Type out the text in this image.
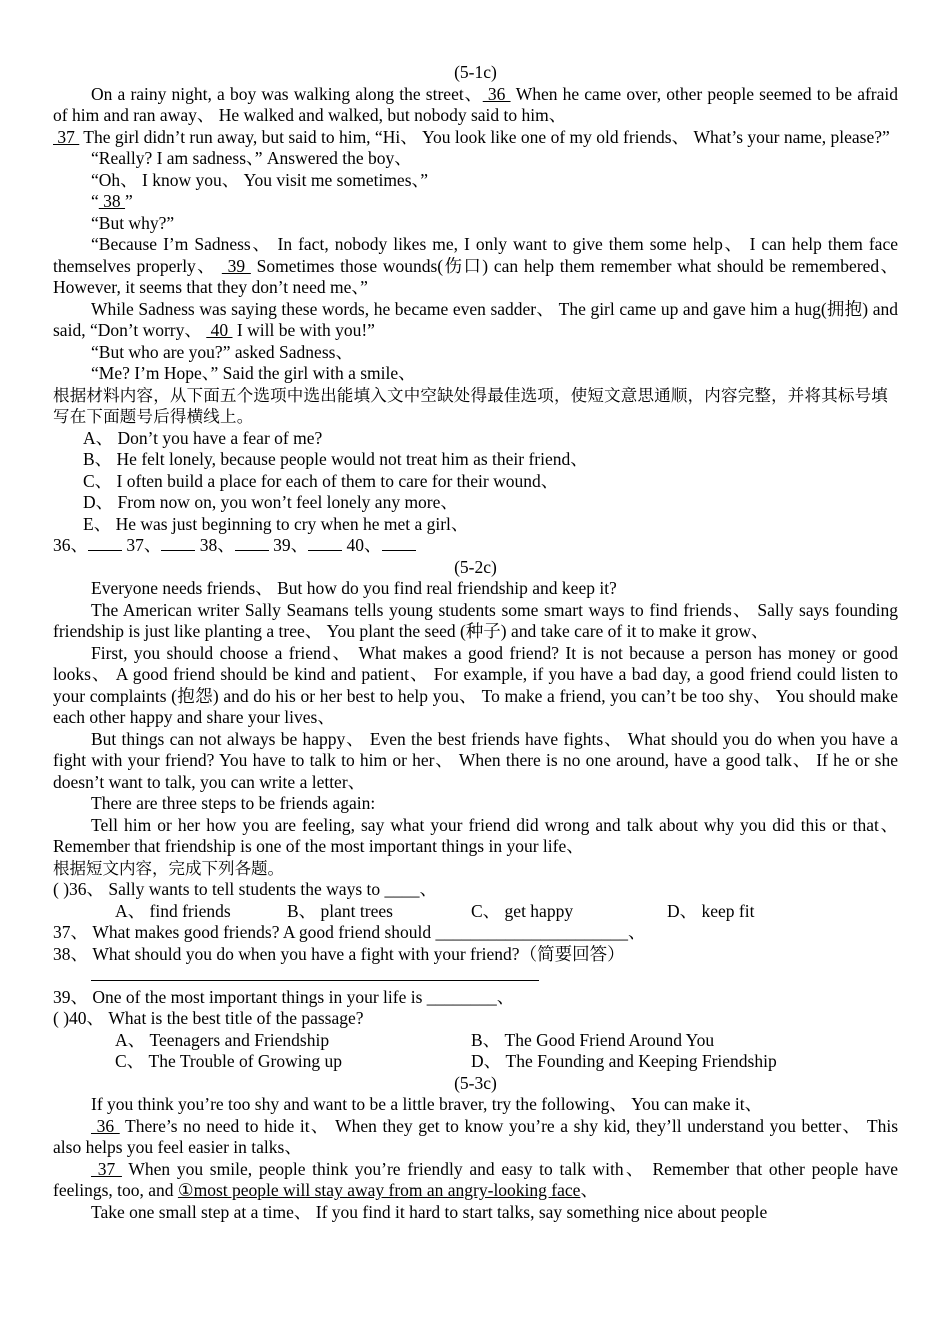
(5-1c)

On a rainy night, a boy was walking along the street、 36  When he came over, other people seemed to be afraid of him and ran away、 He walked and walked, but nobody said to him、

37  The girl didn’t run away, but said to him, “Hi、 You look like one of my old friends、 What’s your name, please?”

“Really? I am sadness、” Answered the boy、

“Oh、 I know you、 You visit me sometimes、”

“ 38 ”

“But why?”

“Because I’m Sadness、 In fact, nobody likes me, I only want to give them some help、 I can help them face themselves properly、  39  Sometimes those wounds(伤口) can help them remember what should be remembered、 However, it seems that they don’t need me、”

While Sadness was saying these words, he became even sadder、 The girl came up and gave him a hug(拥抱) and said, “Don’t worry、  40  I will be with you!”

“But who are you?” asked Sadness、

“Me? I’m Hope、” Said the girl with a smile、

根据材料内容，从下面五个选项中选出能填入文中空缺处得最佳选项，使短文意思通顺，内容完整，并将其标号填写在下面题号后得横线上。

A、 Don’t you have a fear of me?

B、 He felt lonely, because people would not treat him as their friend、

C、 I often build a place for each of them to care for their wound、

D、 From now on, you won’t feel lonely any more、

E、 He was just beginning to cry when he met a girl、

36、 37、 38、 39、 40、

(5-2c)

Everyone needs friends、 But how do you find real friendship and keep it?

The American writer Sally Seamans tells young students some smart ways to find friends、 Sally says founding friendship is just like planting a tree、 You plant the seed (种子) and take care of it to make it grow、

First, you should choose a friend、 What makes a good friend? It is not because a person has money or good looks、 A good friend should be kind and patient、 For example, if you have a bad day, a good friend could listen to your complaints (抱怨) and do his or her best to help you、 To make a friend, you can’t be too shy、 You should make each other happy and share your lives、

But things can not always be happy、 Even the best friends have fights、 What should you do when you have a fight with your friend? You have to talk to him or her、 When there is no one around, have a good talk、 If he or she doesn’t want to talk, you can write a letter、

There are three steps to be friends again:

Tell him or her how you are feeling, say what your friend did wrong and talk about why you did this or that、 Remember that friendship is one of the most important things in your life、

根据短文内容，完成下列各题。

( )36、 Sally wants to tell students the ways to ____、

A、 find friends	B、 plant trees	C、 get happy	D、 keep fit

37、 What makes good friends? A good friend should ______________________、

38、 What should you do when you have a fight with your friend?（简要回答）

39、 One of the most important things in your life is ________、

( )40、 What is the best title of the passage?

A、 Teenagers and Friendship	B、 The Good Friend Around You
C、 The Trouble of Growing up	D、 The Founding and Keeping Friendship

(5-3c)

If you think you’re too shy and want to be a little braver, try the following、 You can make it、

36  There’s no need to hide it、 When they get to know you’re a shy kid, they’ll understand you better、 This also helps you feel easier in talks、

37  When you smile, people think you’re friendly and easy to talk with、 Remember that other people have feelings, too, and ①most people will stay away from an angry-looking face、

Take one small step at a time、 If you find it hard to start talks, say something nice about people
